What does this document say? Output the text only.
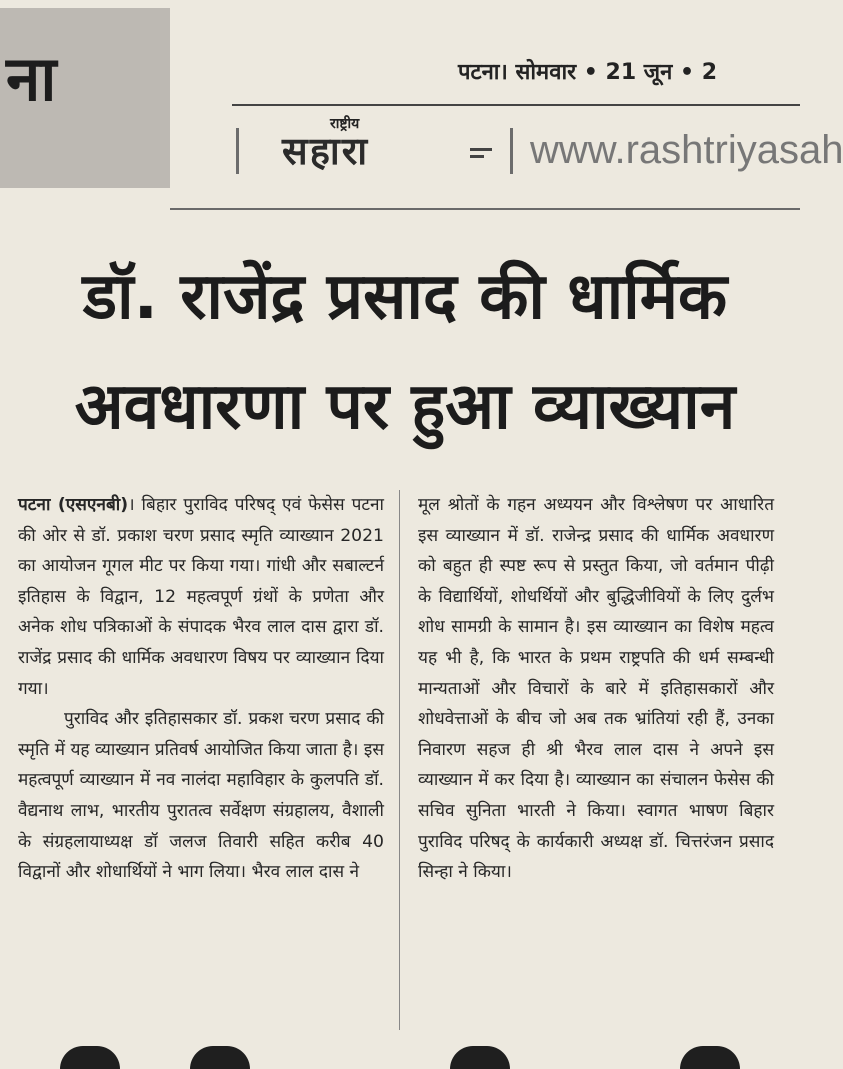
ना	पटना। सोमवार • 21 जून • 2
राष्ट्रीय
सहारा	www.rashtriyasah
डॉ. राजेंद्र प्रसाद की धार्मिक
अवधारणा पर हुआ व्याख्यान

पटना (एसएनबी)। बिहार पुराविद परिषद् एवं फेसेस पटना की ओर से डॉ. प्रकाश चरण प्रसाद स्मृति व्याख्यान 2021 का आयोजन गूगल मीट पर किया गया। गांधी और सबाल्टर्न इतिहास के विद्वान, 12 महत्वपूर्ण ग्रंथों के प्रणेता और अनेक शोध पत्रिकाओं के संपादक भैरव लाल दास द्वारा डॉ. राजेंद्र प्रसाद की धार्मिक अवधारण विषय पर व्याख्यान दिया गया।

पुराविद और इतिहासकार डॉ. प्रकश चरण प्रसाद की स्मृति में यह व्याख्यान प्रतिवर्ष आयोजित किया जाता है। इस महत्वपूर्ण व्याख्यान में नव नालंदा महाविहार के कुलपति डॉ. वैद्यनाथ लाभ, भारतीय पुरातत्व सर्वेक्षण संग्रहालय, वैशाली के संग्रहलायाध्यक्ष डॉ जलज तिवारी सहित करीब 40 विद्वानों और शोधार्थियों ने भाग लिया। भैरव लाल दास ने

मूल श्रोतों के गहन अध्ययन और विश्लेषण पर आधारित इस व्याख्यान में डॉ. राजेन्द्र प्रसाद की धार्मिक अवधारण को बहुत ही स्पष्ट रूप से प्रस्तुत किया, जो वर्तमान पीढ़ी के विद्यार्थियों, शोधर्थियों और बुद्धिजीवियों के लिए दुर्लभ शोध सामग्री के सामान है। इस व्याख्यान का विशेष महत्व यह भी है, कि भारत के प्रथम राष्ट्रपति की धर्म सम्बन्धी मान्यताओं और विचारों के बारे में इतिहासकारों और शोधवेत्ताओं के बीच जो अब तक भ्रांतियां रही हैं, उनका निवारण सहज ही श्री भैरव लाल दास ने अपने इस व्याख्यान में कर दिया है। व्याख्यान का संचालन फेसेस की सचिव सुनिता भारती ने किया। स्वागत भाषण बिहार पुराविद परिषद् के कार्यकारी अध्यक्ष डॉ. चित्तरंजन प्रसाद सिन्हा ने किया।
